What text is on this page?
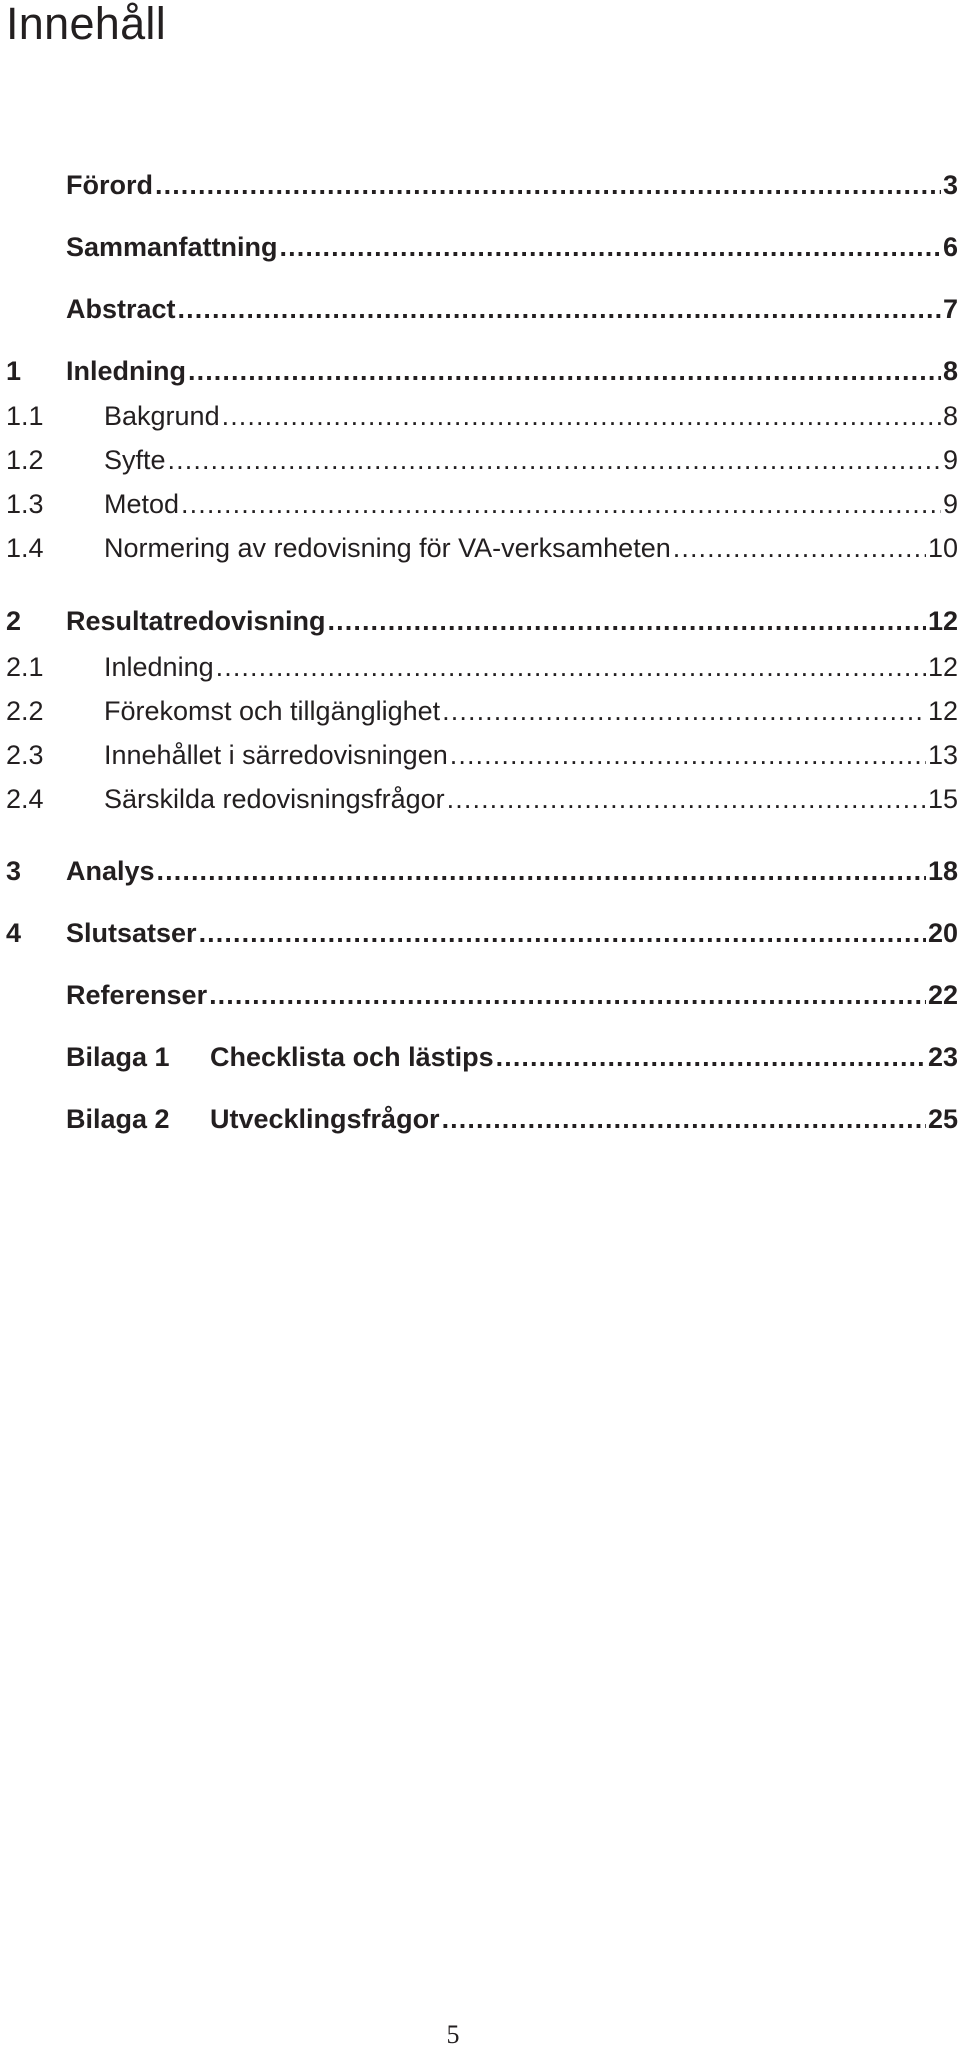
Innehåll
Förord . . .	3
Sammanfattning . . .	6
Abstract . . .	7
1	Inledning . . .	8
1.1	Bakgrund . . .	8
1.2	Syfte . . .	9
1.3	Metod . . .	9
1.4	Normering av redovisning för VA-verksamheten . . .	10
2	Resultatredovisning . . .	12
2.1	Inledning . . .	12
2.2	Förekomst och tillgänglighet . . .	12
2.3	Innehållet i särredovisningen . . .	13
2.4	Särskilda redovisningsfrågor . . .	15
3	Analys . . .	18
4	Slutsatser . . .	20
Referenser . . .	22
Bilaga 1 Checklista och lästips . . .	23
Bilaga 2 Utvecklingsfrågor . . .	25
5
